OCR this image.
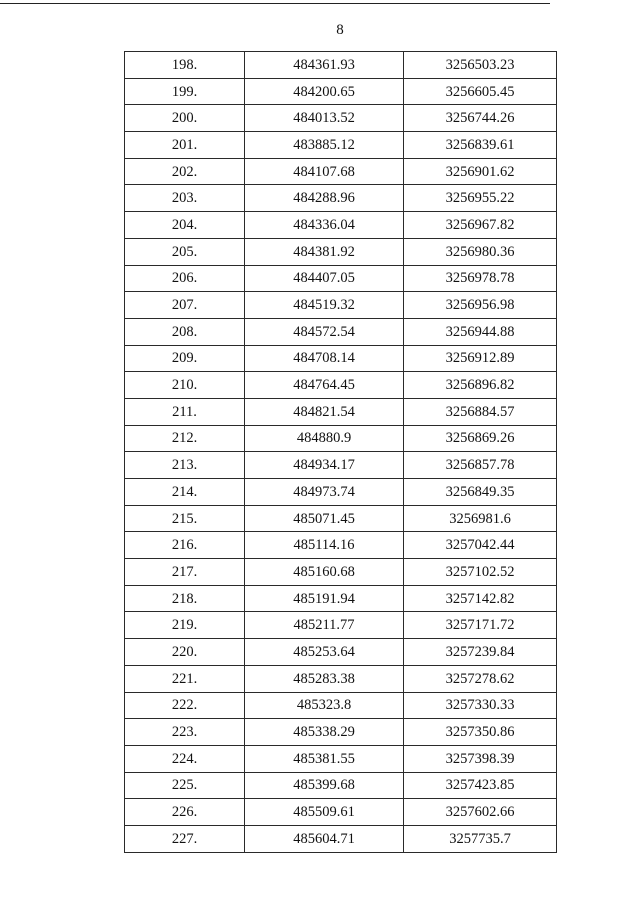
8
198.	484361.93	3256503.23
199.	484200.65	3256605.45
200.	484013.52	3256744.26
201.	483885.12	3256839.61
202.	484107.68	3256901.62
203.	484288.96	3256955.22
204.	484336.04	3256967.82
205.	484381.92	3256980.36
206.	484407.05	3256978.78
207.	484519.32	3256956.98
208.	484572.54	3256944.88
209.	484708.14	3256912.89
210.	484764.45	3256896.82
211.	484821.54	3256884.57
212.	484880.9	3256869.26
213.	484934.17	3256857.78
214.	484973.74	3256849.35
215.	485071.45	3256981.6
216.	485114.16	3257042.44
217.	485160.68	3257102.52
218.	485191.94	3257142.82
219.	485211.77	3257171.72
220.	485253.64	3257239.84
221.	485283.38	3257278.62
222.	485323.8	3257330.33
223.	485338.29	3257350.86
224.	485381.55	3257398.39
225.	485399.68	3257423.85
226.	485509.61	3257602.66
227.	485604.71	3257735.7
